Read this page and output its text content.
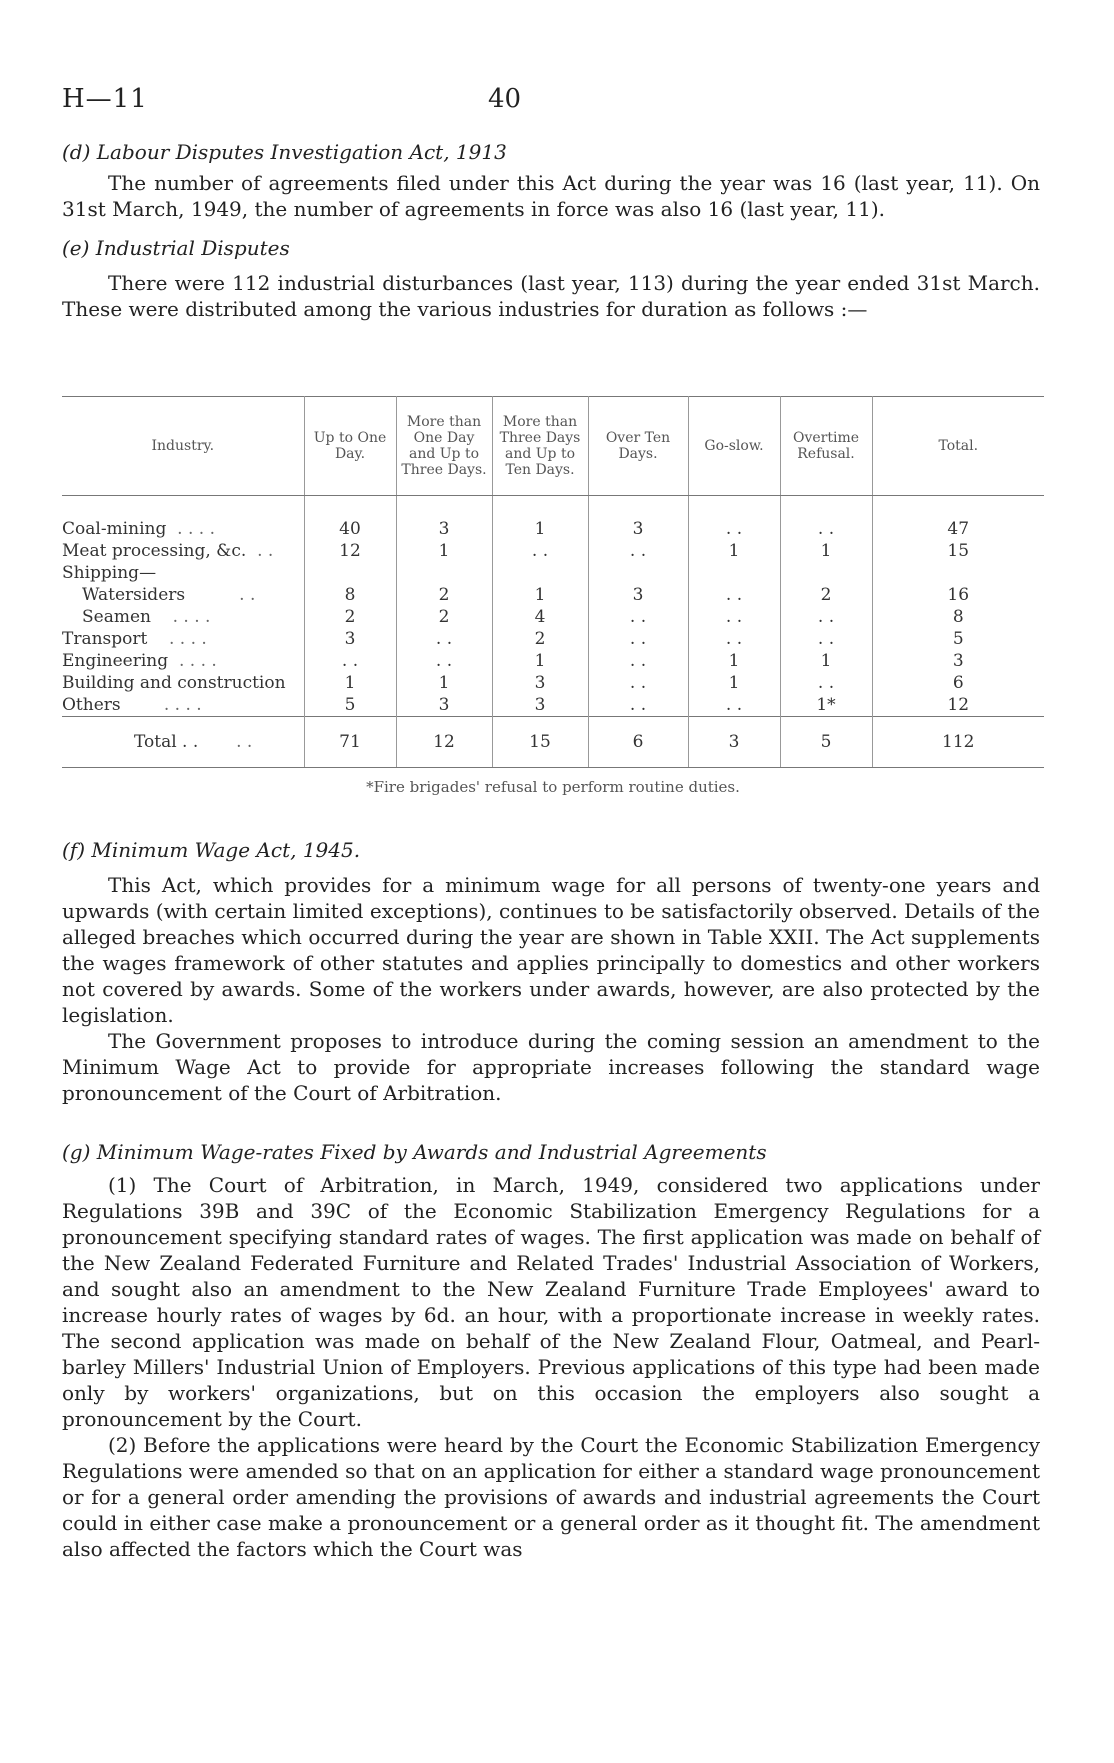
H—11	40
(d) Labour Disputes Investigation Act, 1913

The number of agreements filed under this Act during the year was 16 (last year, 11). On 31st March, 1949, the number of agreements in force was also 16 (last year, 11).

(e) Industrial Disputes

There were 112 industrial disturbances (last year, 113) during the year ended 31st March. These were distributed among the various industries for duration as follows :—

Industry.	Up to One Day.	More than One Day and Up to Three Days.	More than Three Days and Up to Ten Days.	Over Ten Days.	Go-slow.	Overtime Refusal.	Total.
Coal-mining . . . .	40	3	1	3	. .	. .	47
Meat processing, &c. . .	12	1	. .	. .	1	1	15
Shipping—							
Watersiders . .	8	2	1	3	. .	2	16
Seamen . . . .	2	2	4	. .	. .	. .	8
Transport . . . .	3	. .	2	. .	. .	. .	5
Engineering . . . .	. .	. .	1	. .	1	1	3
Building and construction	1	1	3	. .	1	. .	6
Others . . . .	5	3	3	. .	. .	1*	12
Total . . . .	71	12	15	6	3	5	112
*Fire brigades' refusal to perform routine duties.
(f) Minimum Wage Act, 1945.

This Act, which provides for a minimum wage for all persons of twenty-one years and upwards (with certain limited exceptions), continues to be satisfactorily observed. Details of the alleged breaches which occurred during the year are shown in Table XXII. The Act supplements the wages framework of other statutes and applies principally to domestics and other workers not covered by awards. Some of the workers under awards, however, are also protected by the legislation.

The Government proposes to introduce during the coming session an amendment to the Minimum Wage Act to provide for appropriate increases following the standard wage pronouncement of the Court of Arbitration.

(g) Minimum Wage-rates Fixed by Awards and Industrial Agreements

(1) The Court of Arbitration, in March, 1949, considered two applications under Regulations 39B and 39C of the Economic Stabilization Emergency Regulations for a pronouncement specifying standard rates of wages. The first application was made on behalf of the New Zealand Federated Furniture and Related Trades' Industrial Association of Workers, and sought also an amendment to the New Zealand Furniture Trade Employees' award to increase hourly rates of wages by 6d. an hour, with a proportionate increase in weekly rates. The second application was made on behalf of the New Zealand Flour, Oatmeal, and Pearl-barley Millers' Industrial Union of Employers. Previous applications of this type had been made only by workers' organizations, but on this occasion the employers also sought a pronouncement by the Court.

(2) Before the applications were heard by the Court the Economic Stabilization Emergency Regulations were amended so that on an application for either a standard wage pronouncement or for a general order amending the provisions of awards and industrial agreements the Court could in either case make a pronouncement or a general order as it thought fit. The amendment also affected the factors which the Court was
